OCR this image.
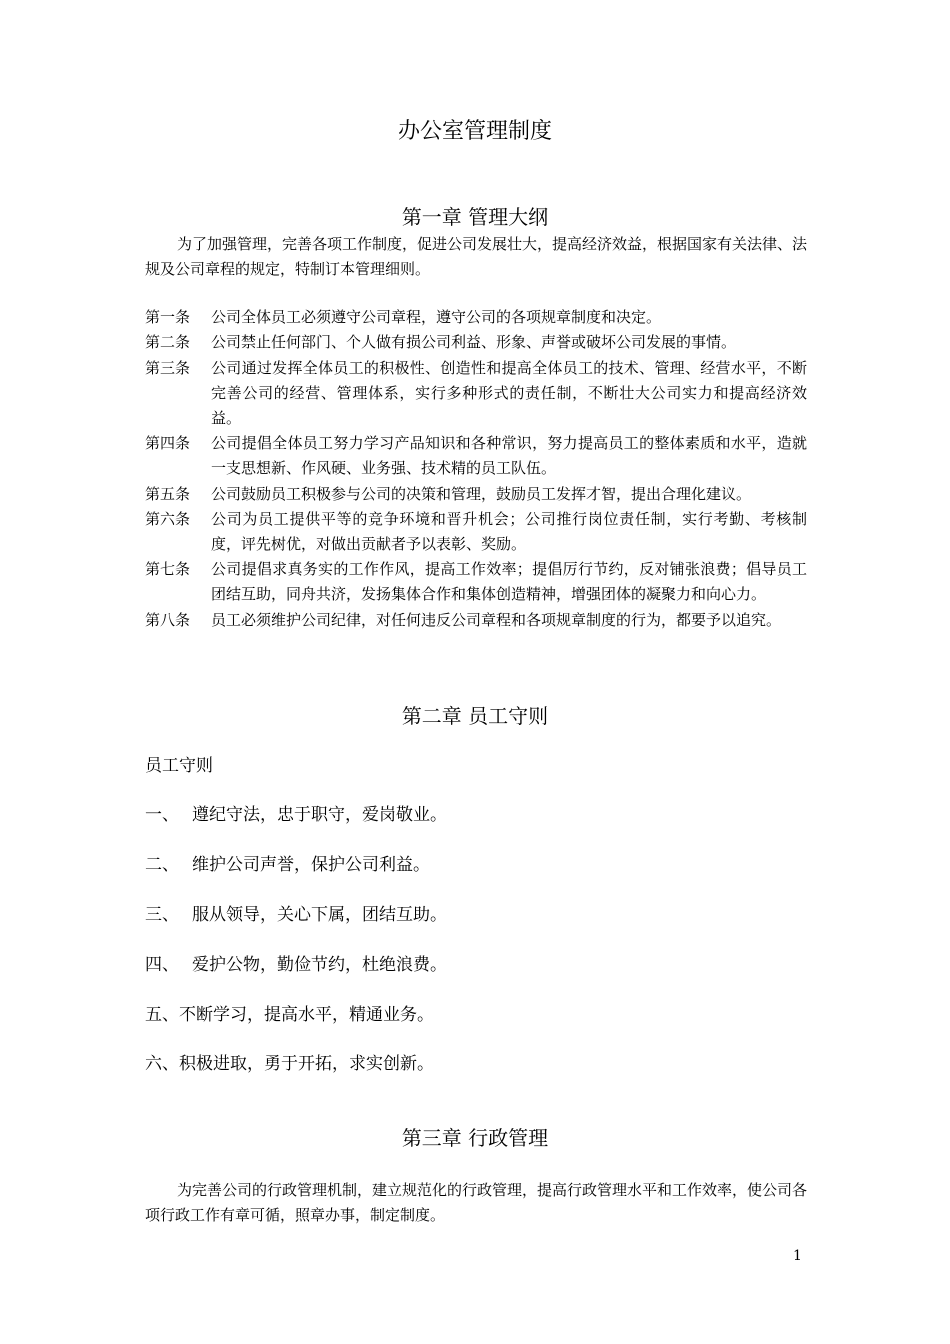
办公室管理制度
第一章 管理大纲
为了加强管理，完善各项工作制度，促进公司发展壮大，提高经济效益，根据国家有关法律、法规及公司章程的规定，特制订本管理细则。
第一条	公司全体员工必须遵守公司章程，遵守公司的各项规章制度和决定。
第二条	公司禁止任何部门、个人做有损公司利益、形象、声誉或破坏公司发展的事情。
第三条	公司通过发挥全体员工的积极性、创造性和提高全体员工的技术、管理、经营水平，不断完善公司的经营、管理体系，实行多种形式的责任制，不断壮大公司实力和提高经济效益。
第四条	公司提倡全体员工努力学习产品知识和各种常识，努力提高员工的整体素质和水平，造就一支思想新、作风硬、业务强、技术精的员工队伍。
第五条	公司鼓励员工积极参与公司的决策和管理，鼓励员工发挥才智，提出合理化建议。
第六条	公司为员工提供平等的竞争环境和晋升机会；公司推行岗位责任制，实行考勤、考核制度，评先树优，对做出贡献者予以表彰、奖励。
第七条	公司提倡求真务实的工作作风，提高工作效率；提倡厉行节约，反对铺张浪费；倡导员工团结互助，同舟共济，发扬集体合作和集体创造精神，增强团体的凝聚力和向心力。
第八条	员工必须维护公司纪律，对任何违反公司章程和各项规章制度的行为，都要予以追究。
第二章 员工守则
员工守则
一、 遵纪守法，忠于职守，爱岗敬业。
二、 维护公司声誉，保护公司利益。
三、 服从领导，关心下属，团结互助。
四、 爱护公物，勤俭节约，杜绝浪费。
五、不断学习，提高水平，精通业务。
六、积极进取，勇于开拓，求实创新。
第三章 行政管理
为完善公司的行政管理机制，建立规范化的行政管理，提高行政管理水平和工作效率，使公司各项行政工作有章可循，照章办事，制定制度。
1
